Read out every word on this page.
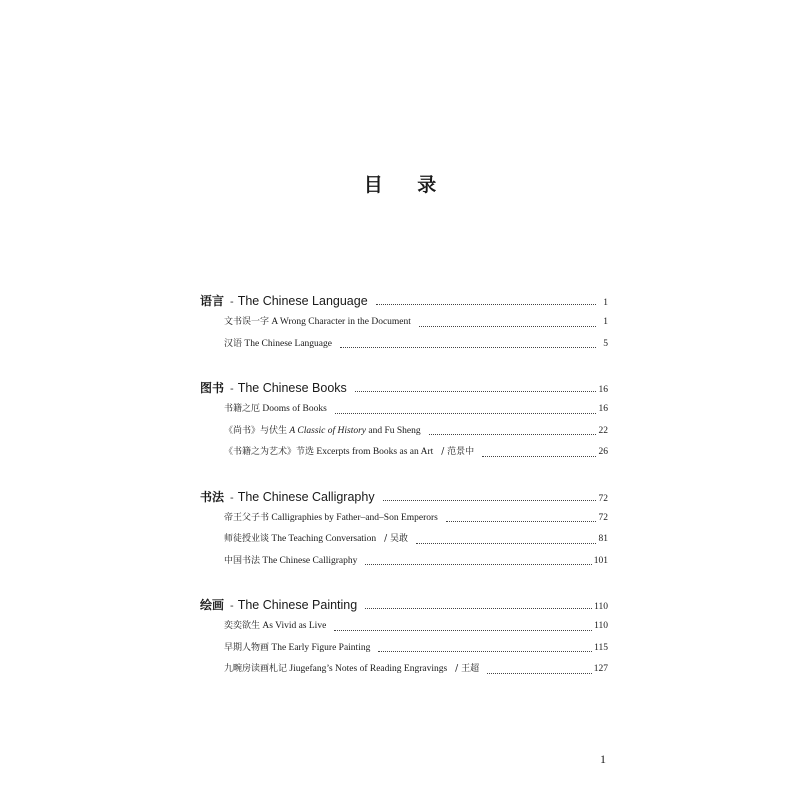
目 录
语言 - The Chinese Language	1
文书误一字 A Wrong Character in the Document	1
汉语 The Chinese Language	5
图书 - The Chinese Books	16
书籍之厄 Dooms of Books	16
《尚书》与伏生 A Classic of History and Fu Sheng	22
《书籍之为艺术》节选 Excerpts from Books as an Art / 范景中	26
书法 - The Chinese Calligraphy	72
帝王父子书 Calligraphies by Father–and–Son Emperors	72
师徒授业谈 The Teaching Conversation / 吴敢	81
中国书法 The Chinese Calligraphy	101
绘画 - The Chinese Painting	110
奕奕欲生 As Vivid as Live	110
早期人物画 The Early Figure Painting	115
九畹房读画札记 Jiugefang’s Notes of Reading Engravings / 王超	127
1
